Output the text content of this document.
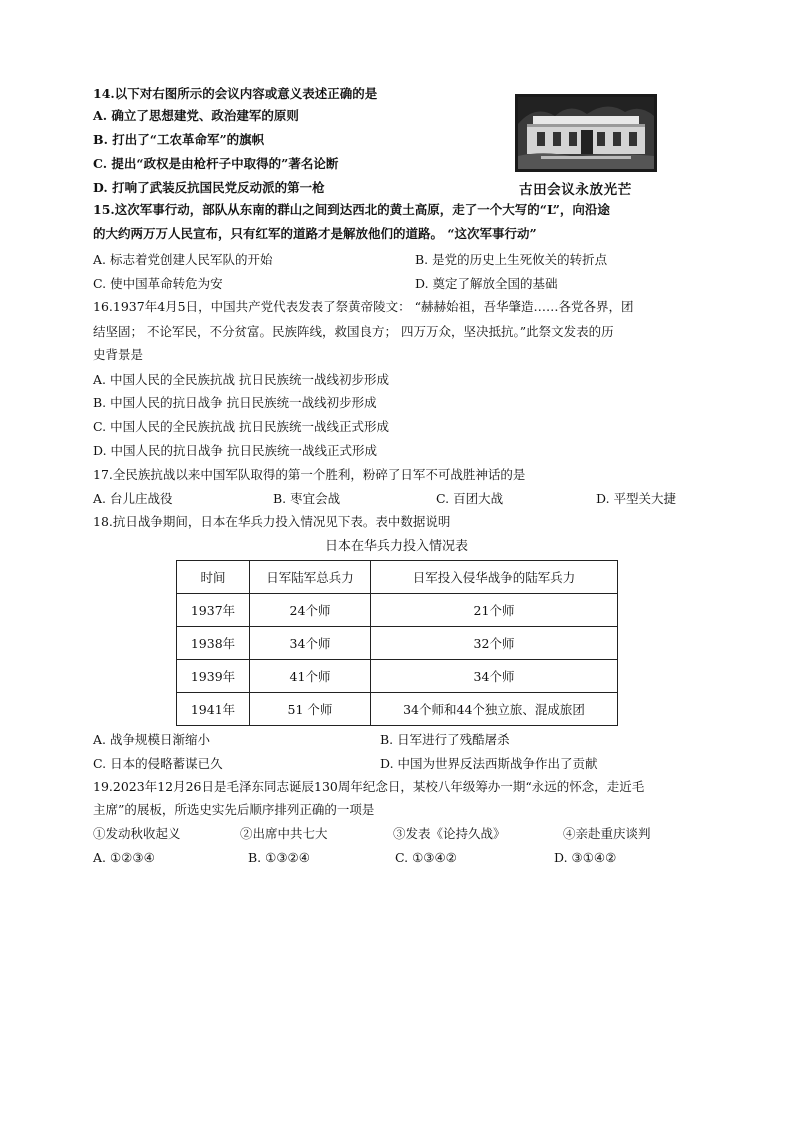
14.以下对右图所示的会议内容或意义表述正确的是
A. 确立了思想建党、政治建军的原则
B. 打出了“工农革命军”的旗帜
C. 提出“政权是由枪杆子中取得的”著名论断
D. 打响了武装反抗国民党反动派的第一枪	古田会议永放光芒
15.这次军事行动，部队从东南的群山之间到达西北的黄土高原，走了一个大写的“L”，向沿途
的大约两万万人民宣布，只有红军的道路才是解放他们的道路。 “这次军事行动”
A. 标志着党创建人民军队的开始	B. 是党的历史上生死攸关的转折点
C. 使中国革命转危为安	D. 奠定了解放全国的基础
16.1937年4月5日，中国共产党代表发表了祭黄帝陵文： “赫赫始祖，吾华肇造……各党各界，团
结坚固； 不论军民，不分贫富。民族阵线，救国良方； 四万万众，坚决抵抗。”此祭文发表的历
史背景是
A. 中国人民的全民族抗战 抗日民族统一战线初步形成
B. 中国人民的抗日战争 抗日民族统一战线初步形成
C. 中国人民的全民族抗战 抗日民族统一战线正式形成
D. 中国人民的抗日战争 抗日民族统一战线正式形成
17.全民族抗战以来中国军队取得的第一个胜利，粉碎了日军不可战胜神话的是
A. 台儿庄战役	B. 枣宜会战	C. 百团大战	D. 平型关大捷
18.抗日战争期间，日本在华兵力投入情况见下表。表中数据说明
日本在华兵力投入情况表
时间	日军陆军总兵力	日军投入侵华战争的陆军兵力
1937年	24个师	21个师
1938年	34个师	32个师
1939年	41个师	34个师
1941年	51 个师	34个师和44个独立旅、混成旅团
A. 战争规模日渐缩小	B. 日军进行了残酷屠杀
C. 日本的侵略蓄谋已久	D. 中国为世界反法西斯战争作出了贡献
19.2023年12月26日是毛泽东同志诞辰130周年纪念日，某校八年级筹办一期“永远的怀念，走近毛
主席”的展板，所选史实先后顺序排列正确的一项是
①发动秋收起义	②出席中共七大	③发表《论持久战》	④亲赴重庆谈判
A. ①②③④	B. ①③②④	C. ①③④②	D. ③①④②
